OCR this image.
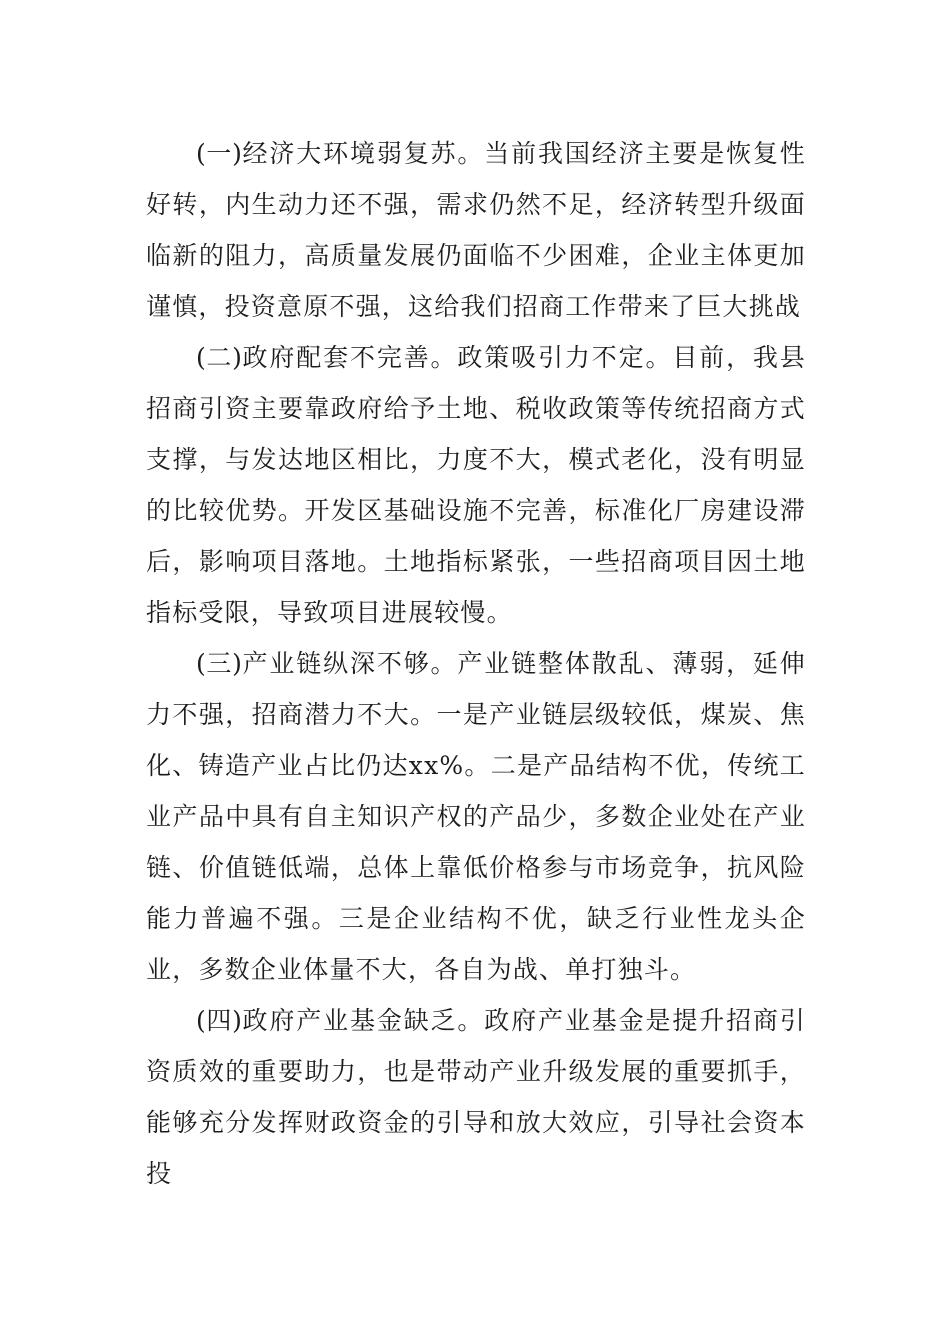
(一)经济大环境弱复苏。当前我国经济主要是恢复性好转，内生动力还不强，需求仍然不足，经济转型升级面临新的阻力，高质量发展仍面临不少困难，企业主体更加谨慎，投资意原不强，这给我们招商工作带来了巨大挑战

(二)政府配套不完善。政策吸引力不定。目前，我县招商引资主要靠政府给予土地、税收政策等传统招商方式支撑，与发达地区相比，力度不大，模式老化，没有明显的比较优势。开发区基础设施不完善，标准化厂房建设滞后，影响项目落地。土地指标紧张，一些招商项目因土地指标受限，导致项目进展较慢。

(三)产业链纵深不够。产业链整体散乱、薄弱，延伸力不强，招商潜力不大。一是产业链层级较低，煤炭、焦化、铸造产业占比仍达xx%。二是产品结构不优，传统工业产品中具有自主知识产权的产品少，多数企业处在产业链、价值链低端，总体上靠低价格参与市场竞争，抗风险能力普遍不强。三是企业结构不优，缺乏行业性龙头企业，多数企业体量不大，各自为战、单打独斗。

(四)政府产业基金缺乏。政府产业基金是提升招商引资质效的重要助力，也是带动产业升级发展的重要抓手，能够充分发挥财政资金的引导和放大效应，引导社会资本投
